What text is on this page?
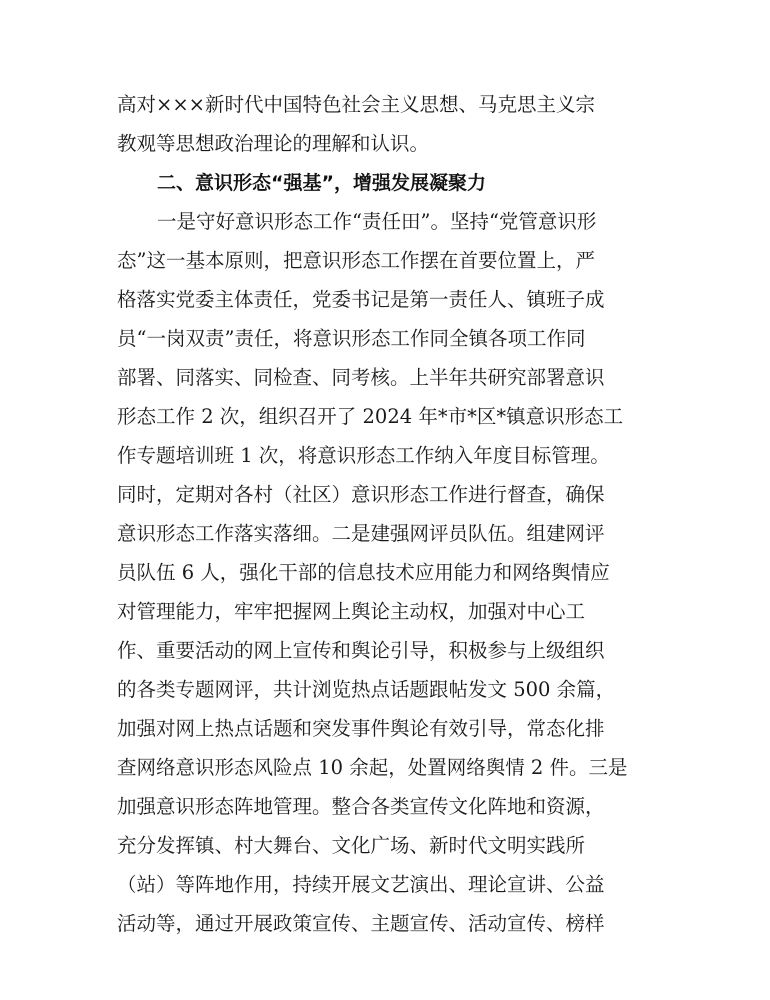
高对×××新时代中国特色社会主义思想、马克思主义宗
教观等思想政治理论的理解和认识。
二、意识形态“强基”，增强发展凝聚力
一是守好意识形态工作“责任田”。坚持“党管意识形
态”这一基本原则，把意识形态工作摆在首要位置上，严
格落实党委主体责任，党委书记是第一责任人、镇班子成
员“一岗双责”责任，将意识形态工作同全镇各项工作同
部署、同落实、同检查、同考核。上半年共研究部署意识
形态工作 2 次，组织召开了 2024 年*市*区*镇意识形态工
作专题培训班 1 次，将意识形态工作纳入年度目标管理。
同时，定期对各村（社区）意识形态工作进行督查，确保
意识形态工作落实落细。二是建强网评员队伍。组建网评
员队伍 6 人，强化干部的信息技术应用能力和网络舆情应
对管理能力，牢牢把握网上舆论主动权，加强对中心工
作、重要活动的网上宣传和舆论引导，积极参与上级组织
的各类专题网评，共计浏览热点话题跟帖发文 500 余篇，
加强对网上热点话题和突发事件舆论有效引导，常态化排
查网络意识形态风险点 10 余起，处置网络舆情 2 件。三是
加强意识形态阵地管理。整合各类宣传文化阵地和资源，
充分发挥镇、村大舞台、文化广场、新时代文明实践所
（站）等阵地作用，持续开展文艺演出、理论宣讲、公益
活动等，通过开展政策宣传、主题宣传、活动宣传、榜样
